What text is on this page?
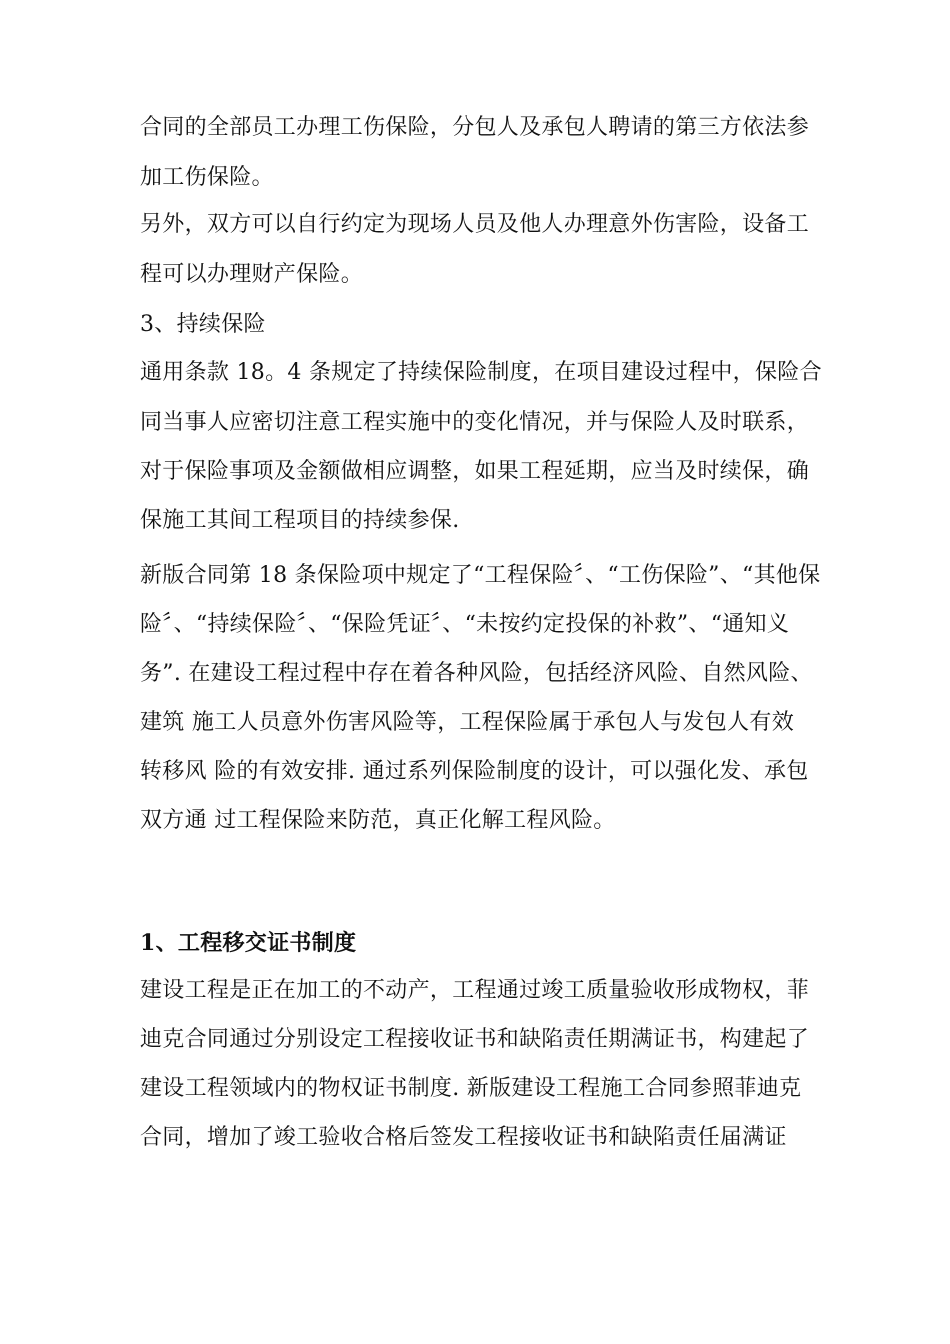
合同的全部员工办理工伤保险，分包人及承包人聘请的第三方依法参
加工伤保险。
另外，双方可以自行约定为现场人员及他人办理意外伤害险，设备工
程可以办理财产保险。
3、持续保险
通用条款 18。4 条规定了持续保险制度，在项目建设过程中，保险合
同当事人应密切注意工程实施中的变化情况，并与保险人及时联系，
对于保险事项及金额做相应调整，如果工程延期，应当及时续保，确
保施工其间工程项目的持续参保.
新版合同第 18 条保险项中规定了“工程保险〞、“工伤保险”、“其他保
险〞、“持续保险〞、“保险凭证〞、“未按约定投保的补救”、“通知义
务”. 在建设工程过程中存在着各种风险，包括经济风险、自然风险、
建筑 施工人员意外伤害风险等，工程保险属于承包人与发包人有效
转移风 险的有效安排. 通过系列保险制度的设计，可以强化发、承包
双方通 过工程保险来防范，真正化解工程风险。
1、工程移交证书制度
建设工程是正在加工的不动产，工程通过竣工质量验收形成物权，菲
迪克合同通过分别设定工程接收证书和缺陷责任期满证书，构建起了
建设工程领域内的物权证书制度. 新版建设工程施工合同参照菲迪克
合同，增加了竣工验收合格后签发工程接收证书和缺陷责任届满证
